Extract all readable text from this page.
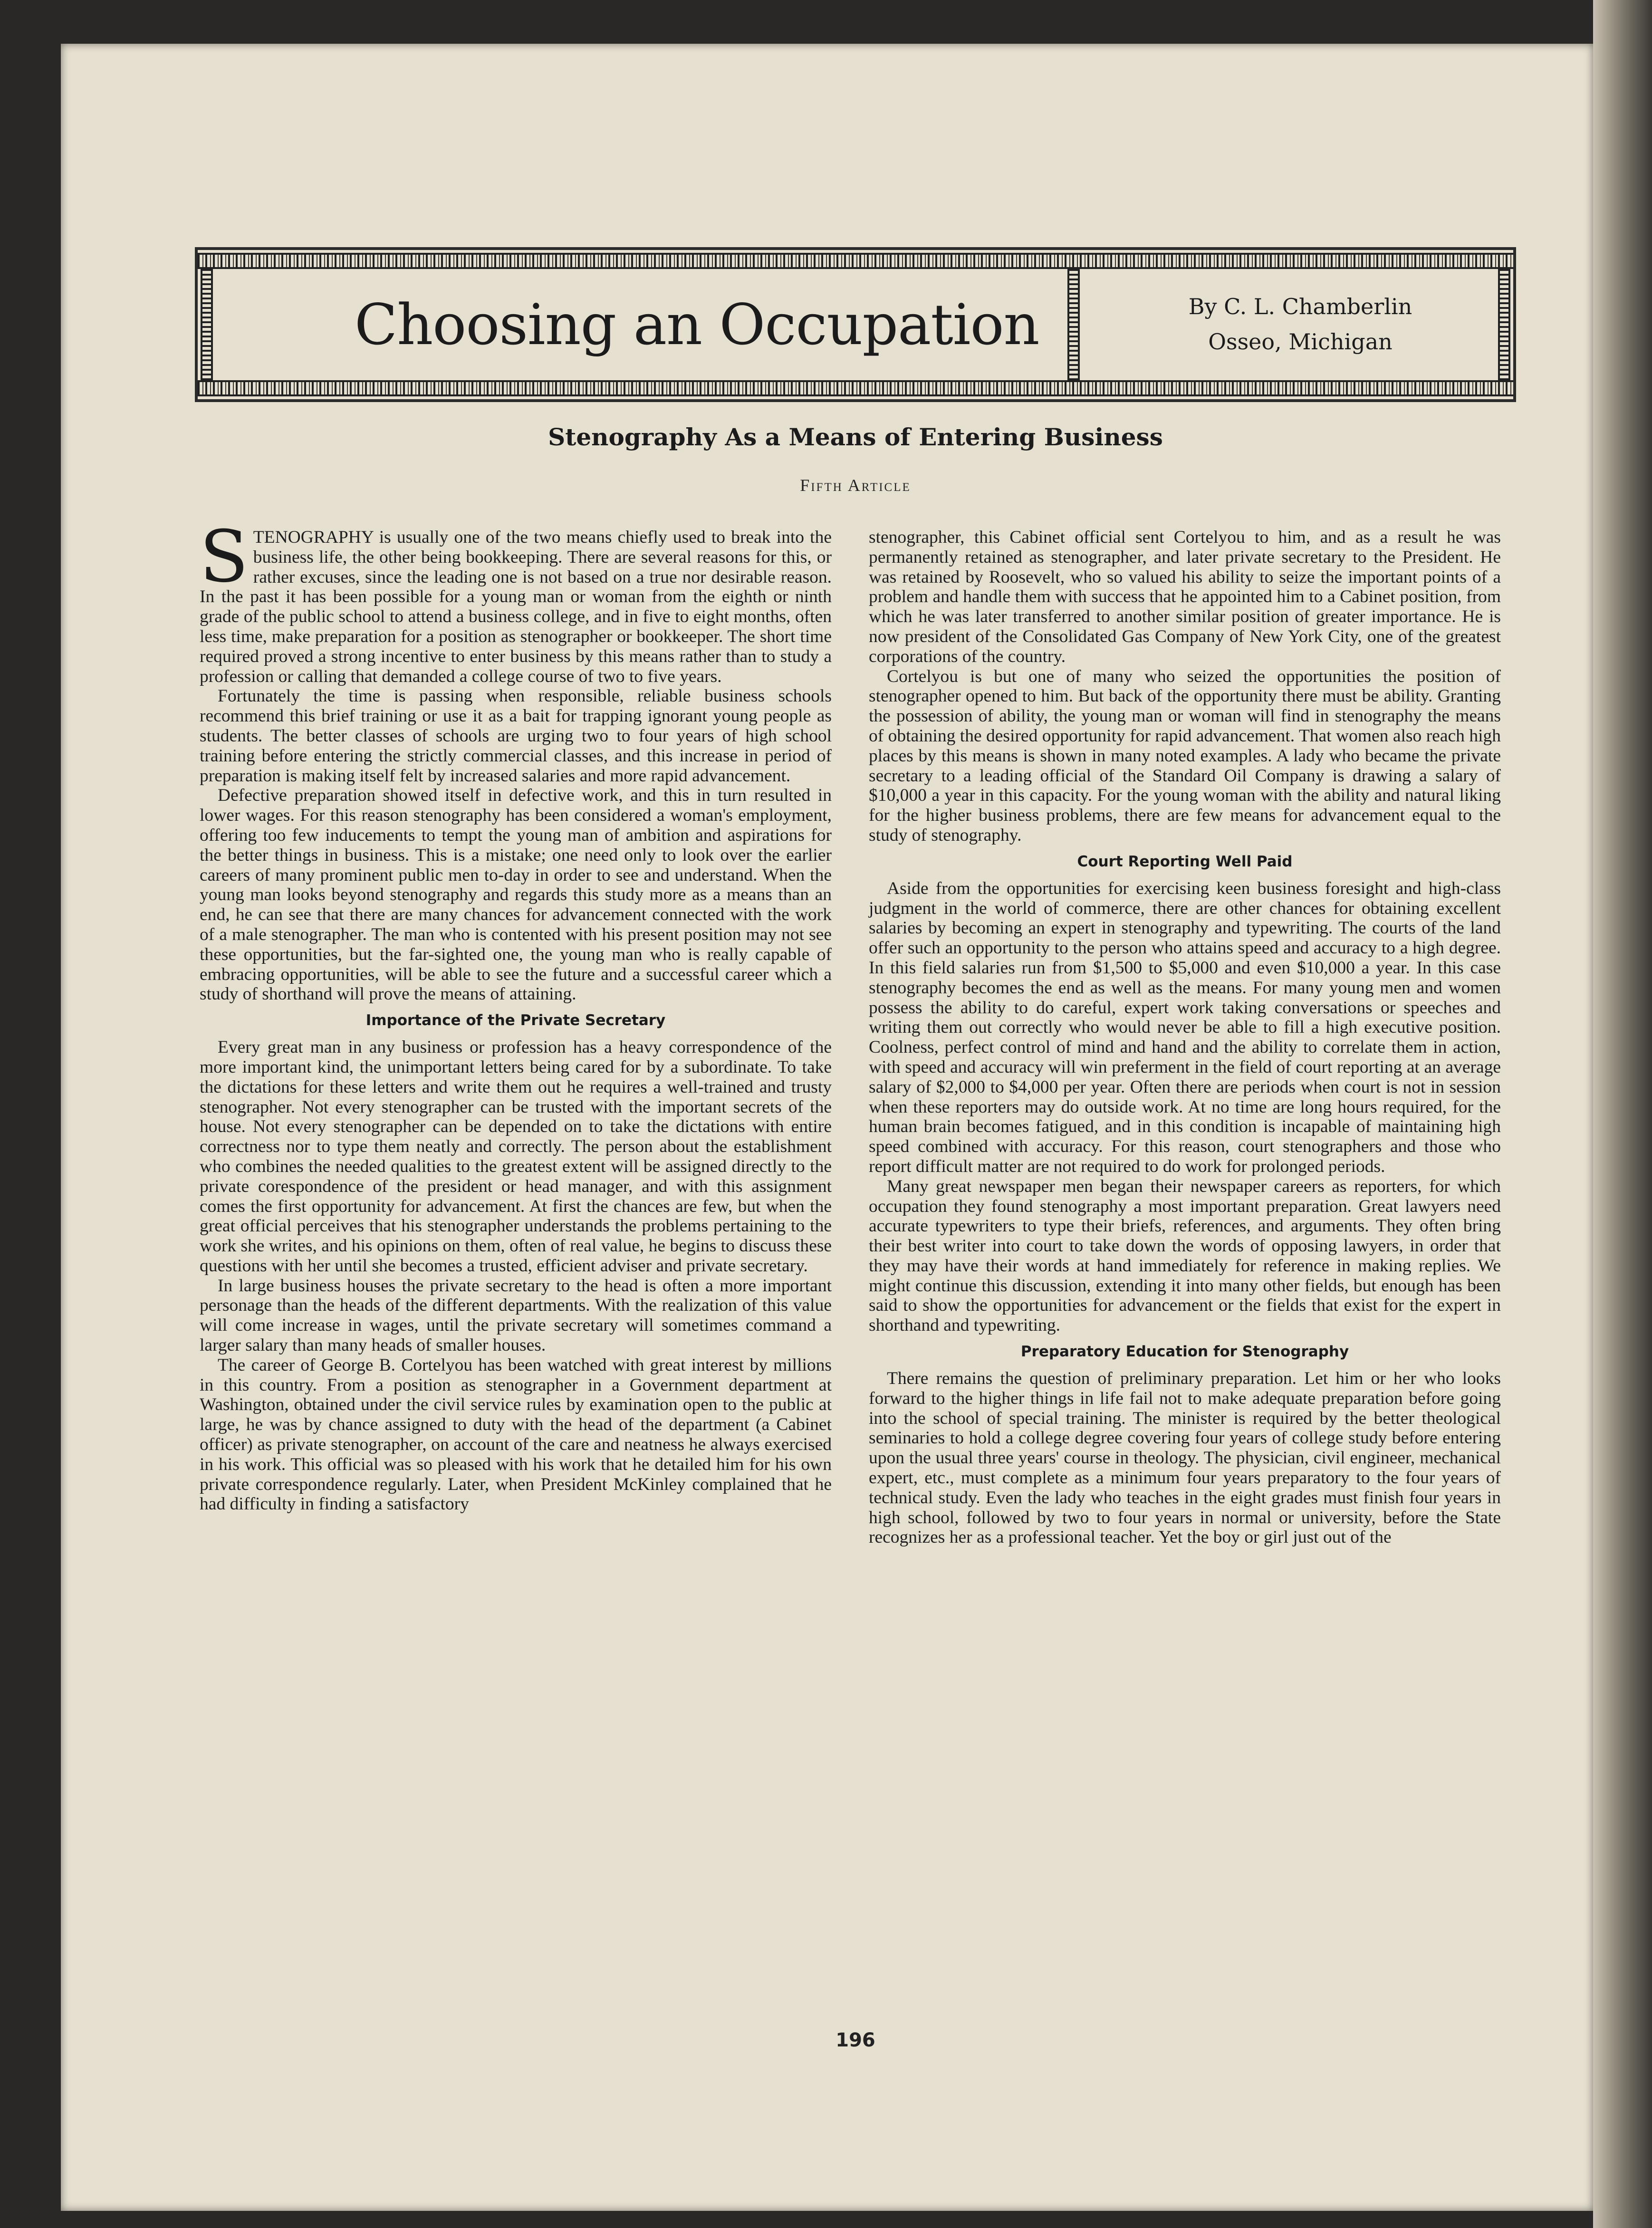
Choosing an Occupation	By C. L. Chamberlin
Osseo, Michigan
Stenography As a Means of Entering Business
Fifth Article

STENOGRAPHY is usually one of the two means chiefly used to break into the business life, the other being bookkeeping. There are several reasons for this, or rather excuses, since the leading one is not based on a true nor desirable reason. In the past it has been possible for a young man or woman from the eighth or ninth grade of the public school to attend a business college, and in five to eight months, often less time, make preparation for a position as stenographer or bookkeeper. The short time required proved a strong incentive to enter business by this means rather than to study a profession or calling that demanded a college course of two to five years.

Fortunately the time is passing when responsible, reliable business schools recommend this brief training or use it as a bait for trapping ignorant young people as students. The better classes of schools are urging two to four years of high school training before entering the strictly commercial classes, and this increase in period of preparation is making itself felt by increased salaries and more rapid advancement.

Defective preparation showed itself in defective work, and this in turn resulted in lower wages. For this reason stenography has been considered a woman's employment, offering too few inducements to tempt the young man of ambition and aspirations for the better things in business. This is a mistake; one need only to look over the earlier careers of many prominent public men to-day in order to see and understand. When the young man looks beyond stenography and regards this study more as a means than an end, he can see that there are many chances for advancement connected with the work of a male stenographer. The man who is contented with his present position may not see these opportunities, but the far-sighted one, the young man who is really capable of embracing opportunities, will be able to see the future and a successful career which a study of shorthand will prove the means of attaining.

Importance of the Private Secretary

Every great man in any business or profession has a heavy correspondence of the more important kind, the unimportant letters being cared for by a subordinate. To take the dictations for these letters and write them out he requires a well-trained and trusty stenographer. Not every stenographer can be trusted with the important secrets of the house. Not every stenographer can be depended on to take the dictations with entire correctness nor to type them neatly and correctly. The person about the establishment who combines the needed qualities to the greatest extent will be assigned directly to the private corespondence of the president or head manager, and with this assignment comes the first opportunity for advancement. At first the chances are few, but when the great official perceives that his stenographer understands the problems pertaining to the work she writes, and his opinions on them, often of real value, he begins to discuss these questions with her until she becomes a trusted, efficient adviser and private secretary.

In large business houses the private secretary to the head is often a more important personage than the heads of the different departments. With the realization of this value will come increase in wages, until the private secretary will sometimes command a larger salary than many heads of smaller houses.

The career of George B. Cortelyou has been watched with great interest by millions in this country. From a position as stenographer in a Government department at Washington, obtained under the civil service rules by examination open to the public at large, he was by chance assigned to duty with the head of the department (a Cabinet officer) as private stenographer, on account of the care and neatness he always exercised in his work. This official was so pleased with his work that he detailed him for his own private correspondence regularly. Later, when President McKinley complained that he had difficulty in finding a satisfactory

stenographer, this Cabinet official sent Cortelyou to him, and as a result he was permanently retained as stenographer, and later private secretary to the President. He was retained by Roosevelt, who so valued his ability to seize the important points of a problem and handle them with success that he appointed him to a Cabinet position, from which he was later transferred to another similar position of greater importance. He is now president of the Consolidated Gas Company of New York City, one of the greatest corporations of the country.

Cortelyou is but one of many who seized the opportunities the position of stenographer opened to him. But back of the opportunity there must be ability. Granting the possession of ability, the young man or woman will find in stenography the means of obtaining the desired opportunity for rapid advancement. That women also reach high places by this means is shown in many noted examples. A lady who became the private secretary to a leading official of the Standard Oil Company is drawing a salary of $10,000 a year in this capacity. For the young woman with the ability and natural liking for the higher business problems, there are few means for advancement equal to the study of stenography.

Court Reporting Well Paid

Aside from the opportunities for exercising keen business foresight and high-class judgment in the world of commerce, there are other chances for obtaining excellent salaries by becoming an expert in stenography and typewriting. The courts of the land offer such an opportunity to the person who attains speed and accuracy to a high degree. In this field salaries run from $1,500 to $5,000 and even $10,000 a year. In this case stenography becomes the end as well as the means. For many young men and women possess the ability to do careful, expert work taking conversations or speeches and writing them out correctly who would never be able to fill a high executive position. Coolness, perfect control of mind and hand and the ability to correlate them in action, with speed and accuracy will win preferment in the field of court reporting at an average salary of $2,000 to $4,000 per year. Often there are periods when court is not in session when these reporters may do outside work. At no time are long hours required, for the human brain becomes fatigued, and in this condition is incapable of maintaining high speed combined with accuracy. For this reason, court stenographers and those who report difficult matter are not required to do work for prolonged periods.

Many great newspaper men began their newspaper careers as reporters, for which occupation they found stenography a most important preparation. Great lawyers need accurate typewriters to type their briefs, references, and arguments. They often bring their best writer into court to take down the words of opposing lawyers, in order that they may have their words at hand immediately for reference in making replies. We might continue this discussion, extending it into many other fields, but enough has been said to show the opportunities for advancement or the fields that exist for the expert in shorthand and typewriting.

Preparatory Education for Stenography

There remains the question of preliminary preparation. Let him or her who looks forward to the higher things in life fail not to make adequate preparation before going into the school of special training. The minister is required by the better theological seminaries to hold a college degree covering four years of college study before entering upon the usual three years' course in theology. The physician, civil engineer, mechanical expert, etc., must complete as a minimum four years preparatory to the four years of technical study. Even the lady who teaches in the eight grades must finish four years in high school, followed by two to four years in normal or university, before the State recognizes her as a professional teacher. Yet the boy or girl just out of the

196
